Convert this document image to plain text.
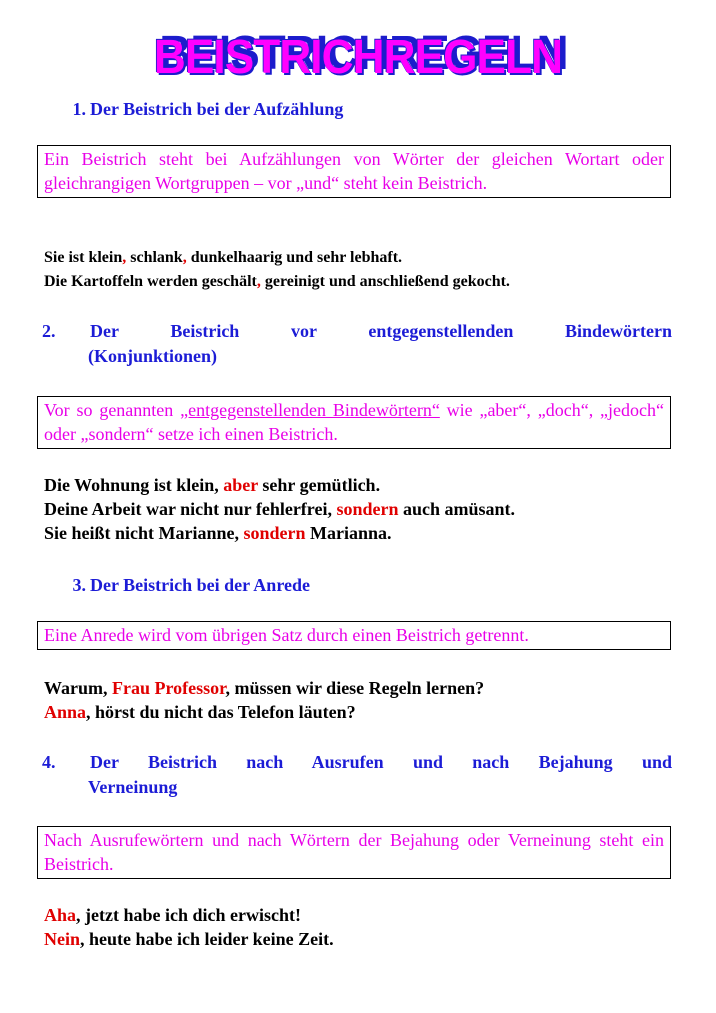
BEISTRICHREGELN
1. Der Beistrich bei der Aufzählung
Ein Beistrich steht bei Aufzählungen von Wörter der gleichen Wortart oder gleichrangigen Wortgruppen – vor „und“ steht kein Beistrich.
Sie ist klein, schlank, dunkelhaarig und sehr lebhaft.
Die Kartoffeln werden geschält, gereinigt und anschließend gekocht.
2. Der Beistrich vor entgegenstellenden Bindewörtern
(Konjunktionen)
Vor so genannten „entgegenstellenden Bindewörtern“ wie „aber“, „doch“, „jedoch“ oder „sondern“ setze ich einen Beistrich.
Die Wohnung ist klein, aber sehr gemütlich.
Deine Arbeit war nicht nur fehlerfrei, sondern auch amüsant.
Sie heißt nicht Marianne, sondern Marianna.
3. Der Beistrich bei der Anrede
Eine Anrede wird vom übrigen Satz durch einen Beistrich getrennt.
Warum, Frau Professor, müssen wir diese Regeln lernen?
Anna, hörst du nicht das Telefon läuten?
4. Der Beistrich nach Ausrufen und nach Bejahung und
Verneinung
Nach Ausrufewörtern und nach Wörtern der Bejahung oder Verneinung steht ein Beistrich.
Aha, jetzt habe ich dich erwischt!
Nein, heute habe ich leider keine Zeit.
